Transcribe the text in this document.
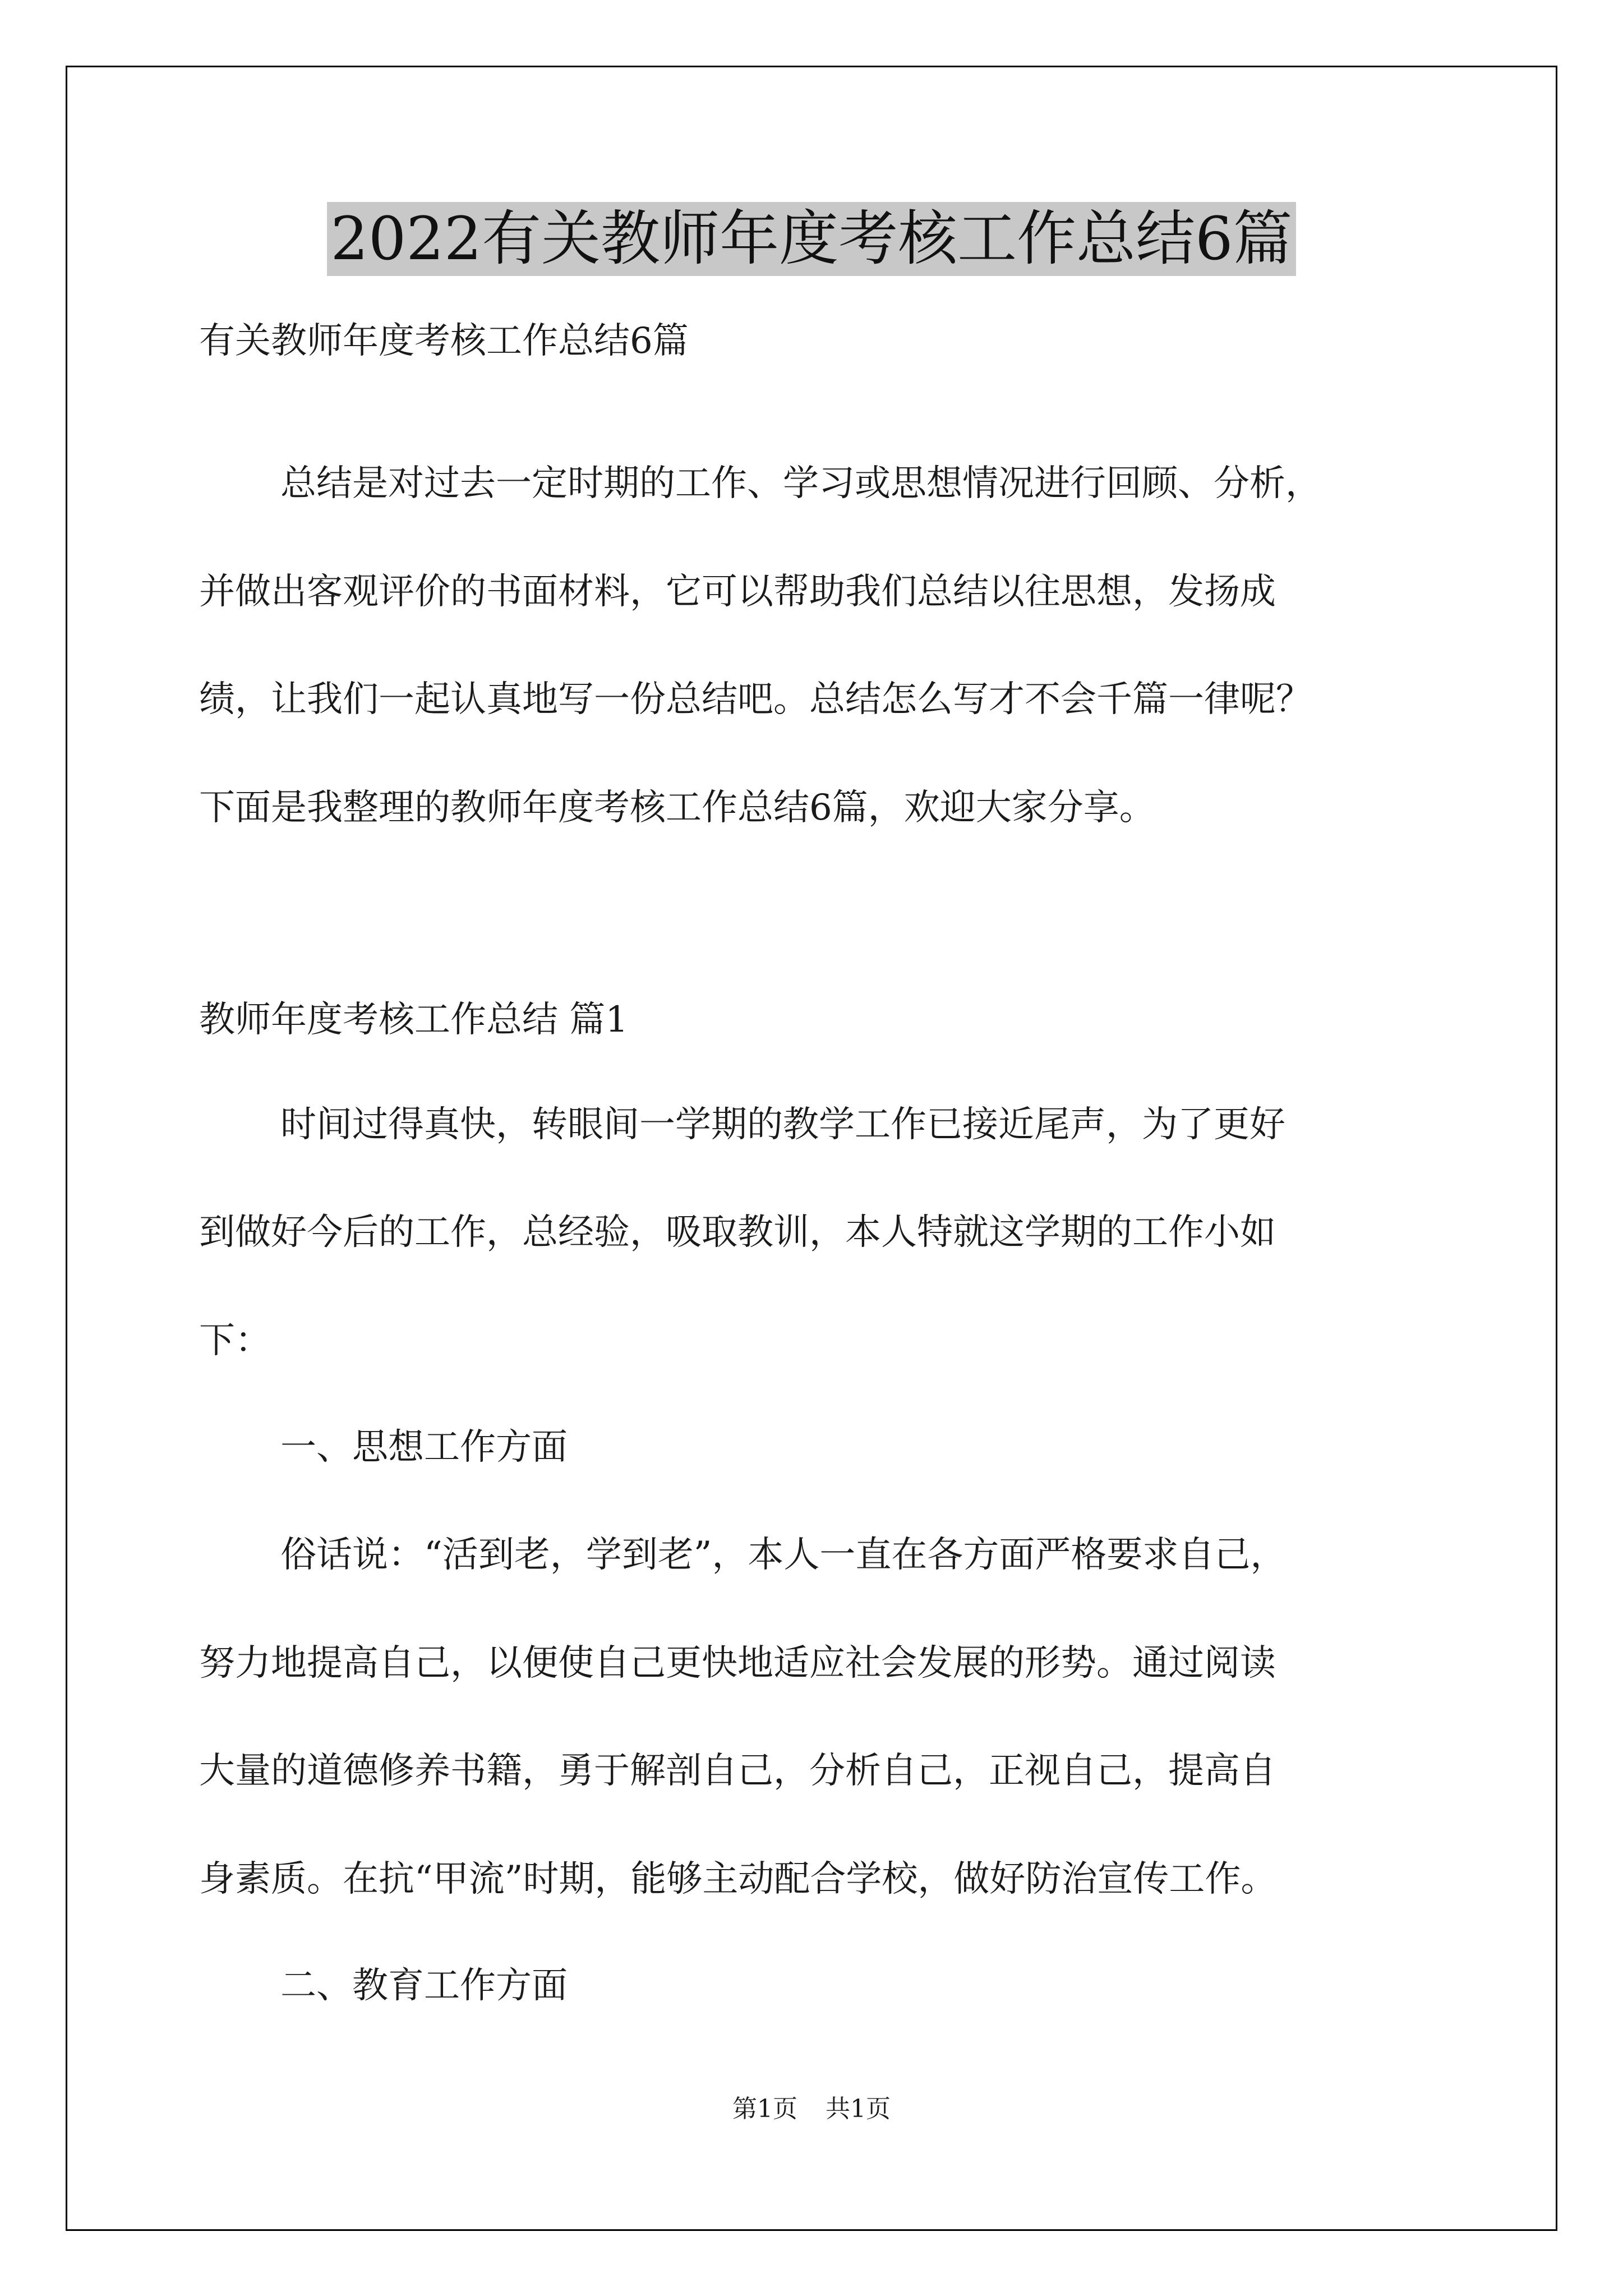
2022有关教师年度考核工作总结6篇
有关教师年度考核工作总结6篇
总结是对过去一定时期的工作、学习或思想情况进行回顾、分析，
并做出客观评价的书面材料，它可以帮助我们总结以往思想，发扬成
绩，让我们一起认真地写一份总结吧。总结怎么写才不会千篇一律呢？
下面是我整理的教师年度考核工作总结6篇，欢迎大家分享。
教师年度考核工作总结 篇1
时间过得真快，转眼间一学期的教学工作已接近尾声，为了更好
到做好今后的工作，总经验，吸取教训，本人特就这学期的工作小如
下：
一、思想工作方面
俗话说：“活到老，学到老”，本人一直在各方面严格要求自己，
努力地提高自己，以便使自己更快地适应社会发展的形势。通过阅读
大量的道德修养书籍，勇于解剖自己，分析自己，正视自己，提高自
身素质。在抗“甲流”时期，能够主动配合学校，做好防治宣传工作。
二、教育工作方面
第1页 共1页
